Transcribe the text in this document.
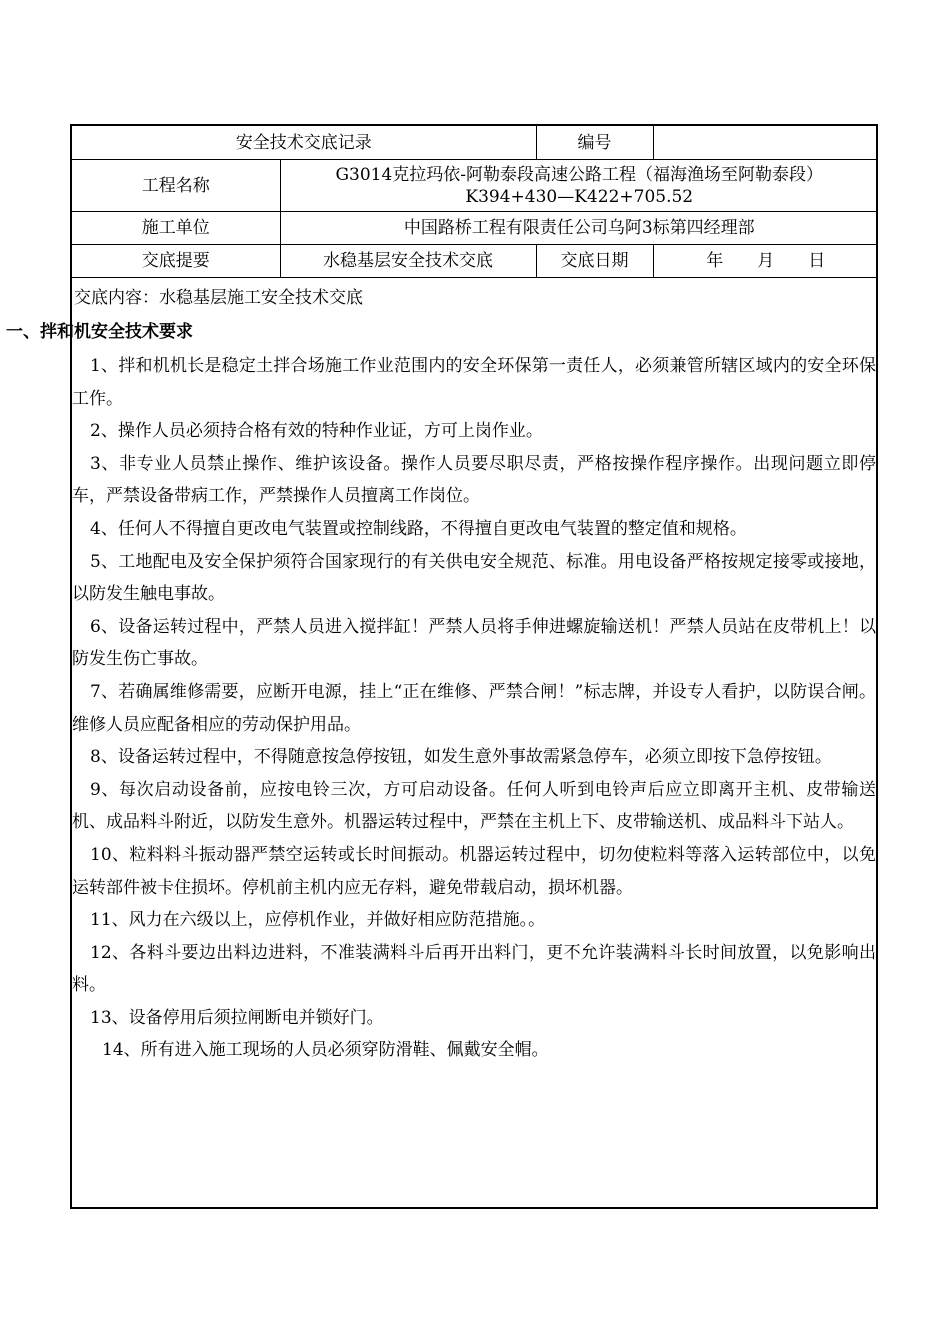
安全技术交底记录		编号	
工程名称	G3014克拉玛依-阿勒泰段高速公路工程（福海渔场至阿勒泰段）
K394+430—K422+705.52		

施工单位	中国路桥工程有限责任公司乌阿3标第四经理部		
交底提要	水稳基层安全技术交底	交底日期	年 月 日
交底内容：水稳基层施工安全技术交底
一、拌和机安全技术要求

1、拌和机机长是稳定土拌合场施工作业范围内的安全环保第一责任人，必须兼管所辖区域内的安全环保工作。

2、操作人员必须持合格有效的特种作业证，方可上岗作业。

3、非专业人员禁止操作、维护该设备。操作人员要尽职尽责，严格按操作程序操作。出现问题立即停车，严禁设备带病工作，严禁操作人员擅离工作岗位。

4、任何人不得擅自更改电气装置或控制线路，不得擅自更改电气装置的整定值和规格。

5、工地配电及安全保护须符合国家现行的有关供电安全规范、标准。用电设备严格按规定接零或接地，以防发生触电事故。

6、设备运转过程中，严禁人员进入搅拌缸！严禁人员将手伸进螺旋输送机！严禁人员站在皮带机上！以防发生伤亡事故。

7、若确属维修需要，应断开电源，挂上“正在维修、严禁合闸！”标志牌，并设专人看护，以防误合闸。维修人员应配备相应的劳动保护用品。

8、设备运转过程中，不得随意按急停按钮，如发生意外事故需紧急停车，必须立即按下急停按钮。

9、每次启动设备前，应按电铃三次，方可启动设备。任何人听到电铃声后应立即离开主机、皮带输送机、成品料斗附近，以防发生意外。机器运转过程中，严禁在主机上下、皮带输送机、成品料斗下站人。

10、粒料料斗振动器严禁空运转或长时间振动。机器运转过程中，切勿使粒料等落入运转部位中，以免运转部件被卡住损坏。停机前主机内应无存料，避免带载启动，损坏机器。

11、风力在六级以上，应停机作业，并做好相应防范措施。。

12、各料斗要边出料边进料，不准装满料斗后再开出料门，更不允许装满料斗长时间放置，以免影响出料。

13、设备停用后须拉闸断电并锁好门。

14、所有进入施工现场的人员必须穿防滑鞋、佩戴安全帽。
